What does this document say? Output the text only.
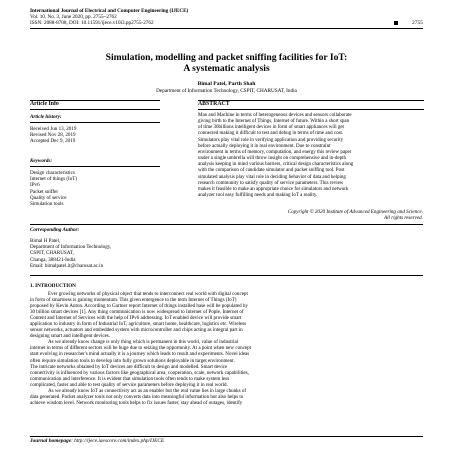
International Journal of Electrical and Computer Engineering (IJECE)
Vol. 10, No. 3, June 2020, pp. 2755~2762
ISSN: 2088-8708, DOI: 10.11591/ijece.v10i3.pp2755-2762	2755
Simulation, modelling and packet sniffing facilities for IoT:
A systematic analysis
Bimal Patel, Parth Shah
Department of Information Technology, CSPIT, CHARUSAT, India
Article Info	ABSTRACT
Article history:
Received Jun 13, 2019
Revised Nov 28, 2019
Accepted Dec 9, 2019
Keywords:
Design characteristics
Internet of things (IoT)
IPv6
Packet sniffer
Quality of service
Simulation tools
Man and Machine in terms of heterogeneous devices and sensors collaborate
giving birth to the Internet of Things, Internet of future. Within a short span
of time 30billions intelligent devices in form of smart appliances will get
connected making it difficult to test and debug in terms of time and cost.
Simulators play vital role in verifying application and providing security
before actually deploying it in real environment. Due to constraint
environment in terms of memory, computation, and energy this review paper
under a single umbrella will throw insight on comprehensive and in-depth
analysis keeping in mind various barriers, critical design characteristics along
with the comparison of candidate simulator and packet sniffing tool. Post
simulated analysis play vital role in deciding behavior of data and helping
research community to satisfy quality of service parameters. This review
makes it feasible to make an appropriate choice for simulators and network
analyzer tool easy fulfilling needs and making IoT a reality.
Copyright © 2020 Institute of Advanced Engineering and Science.
All rights reserved.
Corresponding Author:
Bimal H Patel,
Department of Information Technology,
CSPIT, CHARUSAT,
Changa, 388421-India
Email: bimalpatel.it@charusat.ac.in
1. INTRODUCTION
Ever growing networks of physical object that tends to interconnect real world with digital concept
in form of smartness is gaining momentum. This given emergence to the term Internet of Things (IoT)
proposed by Kevin Anton. According to Gartner report Internet of things installed base will be populated by
30 billion smart devices [1]. Any thing communication is now widespread to Internet of Pople, Internet of
Content and Internet of Services with the help of IPv6 addressing. IoT enabled device will provide smart
application to industry in form of Industrial IoT, agriculture, smart home, healthcare, logistics etc. Wireless
sensor networks, actuators and embedded system with microcontroller and chips acting as integral part in
designing smart and intelligent devices.
As we already know change is only thing which is permanent in this world, value of industrial
internet in terms of different sectors will be huge due to seizing the opportunity. At a point when new concept
start evolving in researcher's mind actually it is a journey which leads to result and experiments. Novel ideas
often require simulation tools to develop into fully grown solutions deployable in target environment.
The intricate networks obtained by IoT devices are difficult to design and modelled. Smart device
connectivity is influenced by various factors like geographical area, cooperation, scale, network capabilities,
communication and interference. It is evident that simulation tools often tends to make system less
complicated, faster and able to test quality of service parameters before deploying it in real world.
As we already know IoT as connectivity act as an enabler but the real value lies in large chunks of
data generated. Packet analyzer tools not only converts data into meaningful information but also helps to
achieve wisdom level. Network monitoring tools helps to fix issues faster, stay ahead of outages, identify
Journal homepage: http://ijece.iaescore.com/index.php/IJECE
